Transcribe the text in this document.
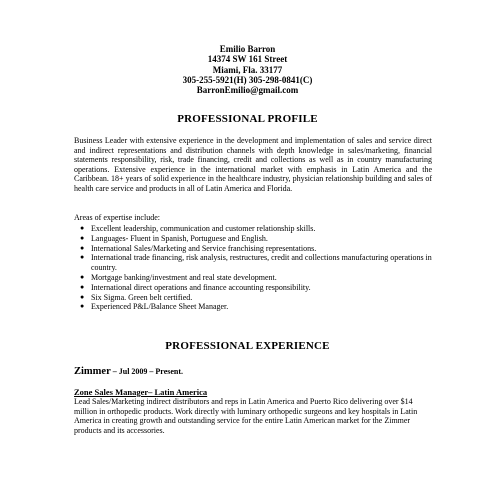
Emilio Barron
14374 SW 161 Street
Miami, Fla. 33177
305-255-5921(H) 305-298-0841(C)
BarronEmilio@gmail.com
PROFESSIONAL PROFILE
Business Leader with extensive experience in the development and implementation of sales and service direct and indirect representations and distribution channels with depth knowledge in sales/marketing, financial statements responsibility, risk, trade financing, credit and collections as well as in country manufacturing operations. Extensive experience in the international market with emphasis in Latin America and the Caribbean. 18+ years of solid experience in the healthcare industry, physician relationship building and sales of health care service and products in all of Latin America and Florida.
Areas of expertise include:
● Excellent leadership, communication and customer relationship skills.
● Languages- Fluent in Spanish, Portuguese and English.
● International Sales/Marketing and Service franchising representations.
● International trade financing, risk analysis, restructures, credit and collections manufacturing operations in country.
● Mortgage banking/investment and real state development.
● International direct operations and finance accounting responsibility.
● Six Sigma. Green belt certified.
● Experienced P&L/Balance Sheet Manager.
PROFESSIONAL EXPERIENCE
Zimmer – Jul 2009 – Present.
Zone Sales Manager– Latin America
Lead Sales/Marketing indirect distributors and reps in Latin America and Puerto Rico delivering over $14 million in orthopedic products. Work directly with luminary orthopedic surgeons and key hospitals in Latin America in creating growth and outstanding service for the entire Latin American market for the Zimmer products and its accessories.
